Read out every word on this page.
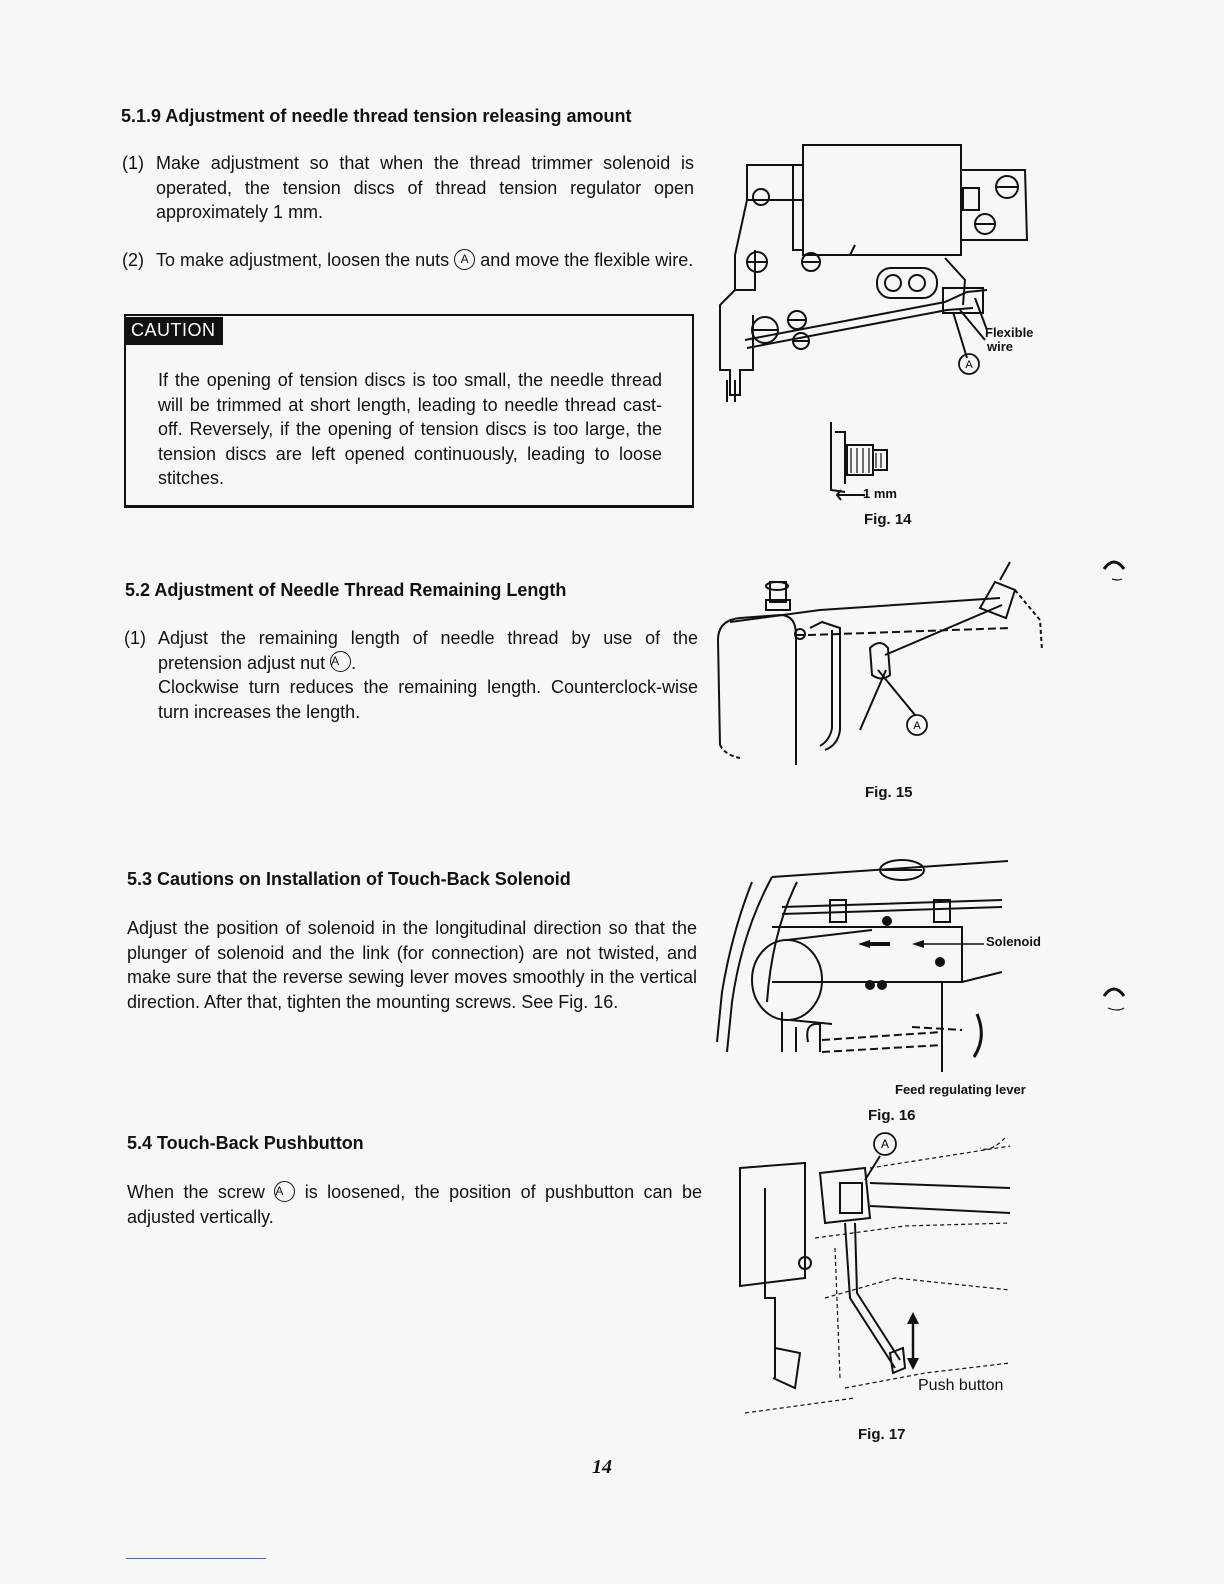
5.1.9 Adjustment of needle thread tension releasing amount
(1) Make adjustment so that when the thread trimmer solenoid is operated, the tension discs of thread tension regulator open approximately 1 mm.
(2) To make adjustment, loosen the nuts A and move the flexible wire.
CAUTION
If the opening of tension discs is too small, the needle thread will be trimmed at short length, leading to needle thread cast-off. Reversely, if the opening of tension discs is too large, the tension discs are left opened continuously, leading to loose stitches.
A
Flexible
wire
1 mm
Fig. 14
5.2 Adjustment of Needle Thread Remaining Length
(1) Adjust the remaining length of needle thread by use of the pretension adjust nut A .
Clockwise turn reduces the remaining length. Counterclock-wise turn increases the length.
A
Fig. 15
5.3 Cautions on Installation of Touch-Back Solenoid
Adjust the position of solenoid in the longitudinal direction so that the plunger of solenoid and the link (for connection) are not twisted, and make sure that the reverse sewing lever moves smoothly in the vertical direction. After that, tighten the mounting screws. See Fig. 16.
Solenoid
Feed regulating lever
Fig. 16
5.4 Touch-Back Pushbutton
When the screw A is loosened, the position of pushbutton can be adjusted vertically.
A
Push button
Fig. 17
14
